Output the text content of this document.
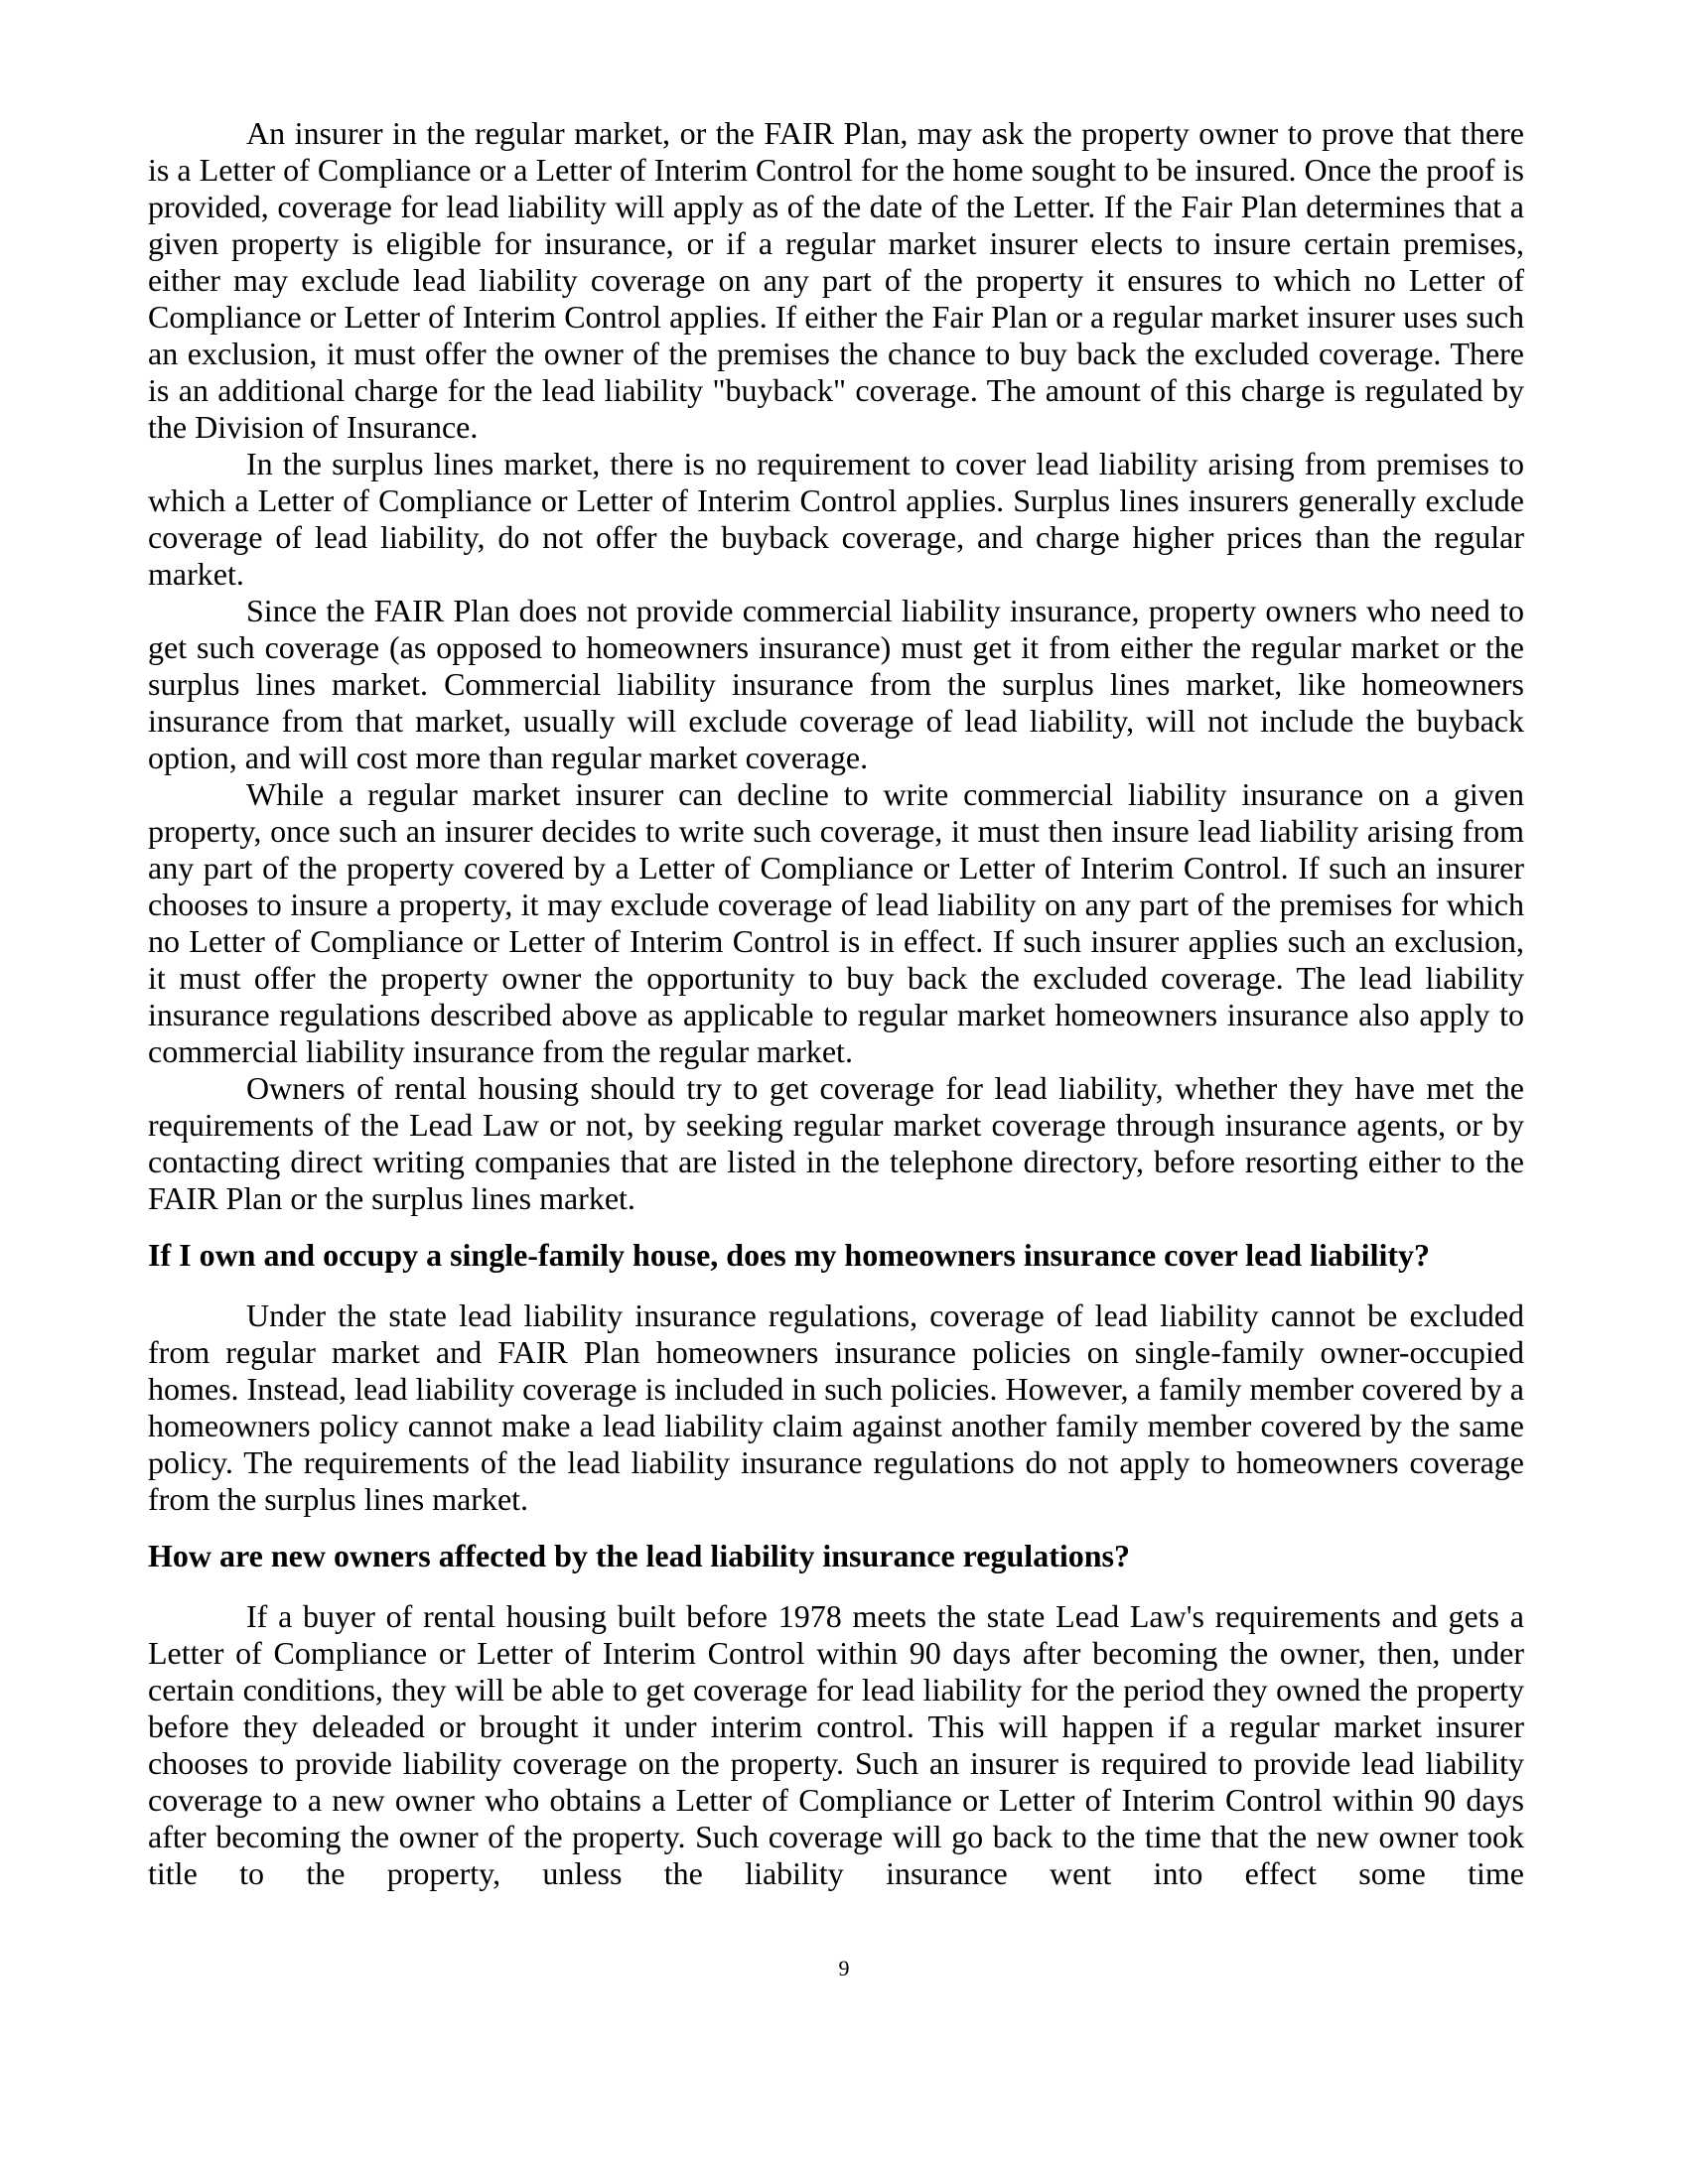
An insurer in the regular market, or the FAIR Plan, may ask the property owner to prove that there is a Letter of Compliance or a Letter of Interim Control for the home sought to be insured. Once the proof is provided, coverage for lead liability will apply as of the date of the Letter. If the Fair Plan determines that a given property is eligible for insurance, or if a regular market insurer elects to insure certain premises, either may exclude lead liability coverage on any part of the property it ensures to which no Letter of Compliance or Letter of Interim Control applies. If either the Fair Plan or a regular market insurer uses such an exclusion, it must offer the owner of the premises the chance to buy back the excluded coverage. There is an additional charge for the lead liability "buyback" coverage. The amount of this charge is regulated by the Division of Insurance.

In the surplus lines market, there is no requirement to cover lead liability arising from premises to which a Letter of Compliance or Letter of Interim Control applies. Surplus lines insurers generally exclude coverage of lead liability, do not offer the buyback coverage, and charge higher prices than the regular market.

Since the FAIR Plan does not provide commercial liability insurance, property owners who need to get such coverage (as opposed to homeowners insurance) must get it from either the regular market or the surplus lines market. Commercial liability insurance from the surplus lines market, like homeowners insurance from that market, usually will exclude coverage of lead liability, will not include the buyback option, and will cost more than regular market coverage.

While a regular market insurer can decline to write commercial liability insurance on a given property, once such an insurer decides to write such coverage, it must then insure lead liability arising from any part of the property covered by a Letter of Compliance or Letter of Interim Control. If such an insurer chooses to insure a property, it may exclude coverage of lead liability on any part of the premises for which no Letter of Compliance or Letter of Interim Control is in effect. If such insurer applies such an exclusion, it must offer the property owner the opportunity to buy back the excluded coverage. The lead liability insurance regulations described above as applicable to regular market homeowners insurance also apply to commercial liability insurance from the regular market.

Owners of rental housing should try to get coverage for lead liability, whether they have met the requirements of the Lead Law or not, by seeking regular market coverage through insurance agents, or by contacting direct writing companies that are listed in the telephone directory, before resorting either to the FAIR Plan or the surplus lines market.

If I own and occupy a single-family house, does my homeowners insurance cover lead liability?

Under the state lead liability insurance regulations, coverage of lead liability cannot be excluded from regular market and FAIR Plan homeowners insurance policies on single-family owner-occupied homes. Instead, lead liability coverage is included in such policies. However, a family member covered by a homeowners policy cannot make a lead liability claim against another family member covered by the same policy. The requirements of the lead liability insurance regulations do not apply to homeowners coverage from the surplus lines market.

How are new owners affected by the lead liability insurance regulations?

If a buyer of rental housing built before 1978 meets the state Lead Law's requirements and gets a Letter of Compliance or Letter of Interim Control within 90 days after becoming the owner, then, under certain conditions, they will be able to get coverage for lead liability for the period they owned the property before they deleaded or brought it under interim control. This will happen if a regular market insurer chooses to provide liability coverage on the property. Such an insurer is required to provide lead liability coverage to a new owner who obtains a Letter of Compliance or Letter of Interim Control within 90 days after becoming the owner of the property. Such coverage will go back to the time that the new owner took title to the property, unless the liability insurance went into effect some time

9
